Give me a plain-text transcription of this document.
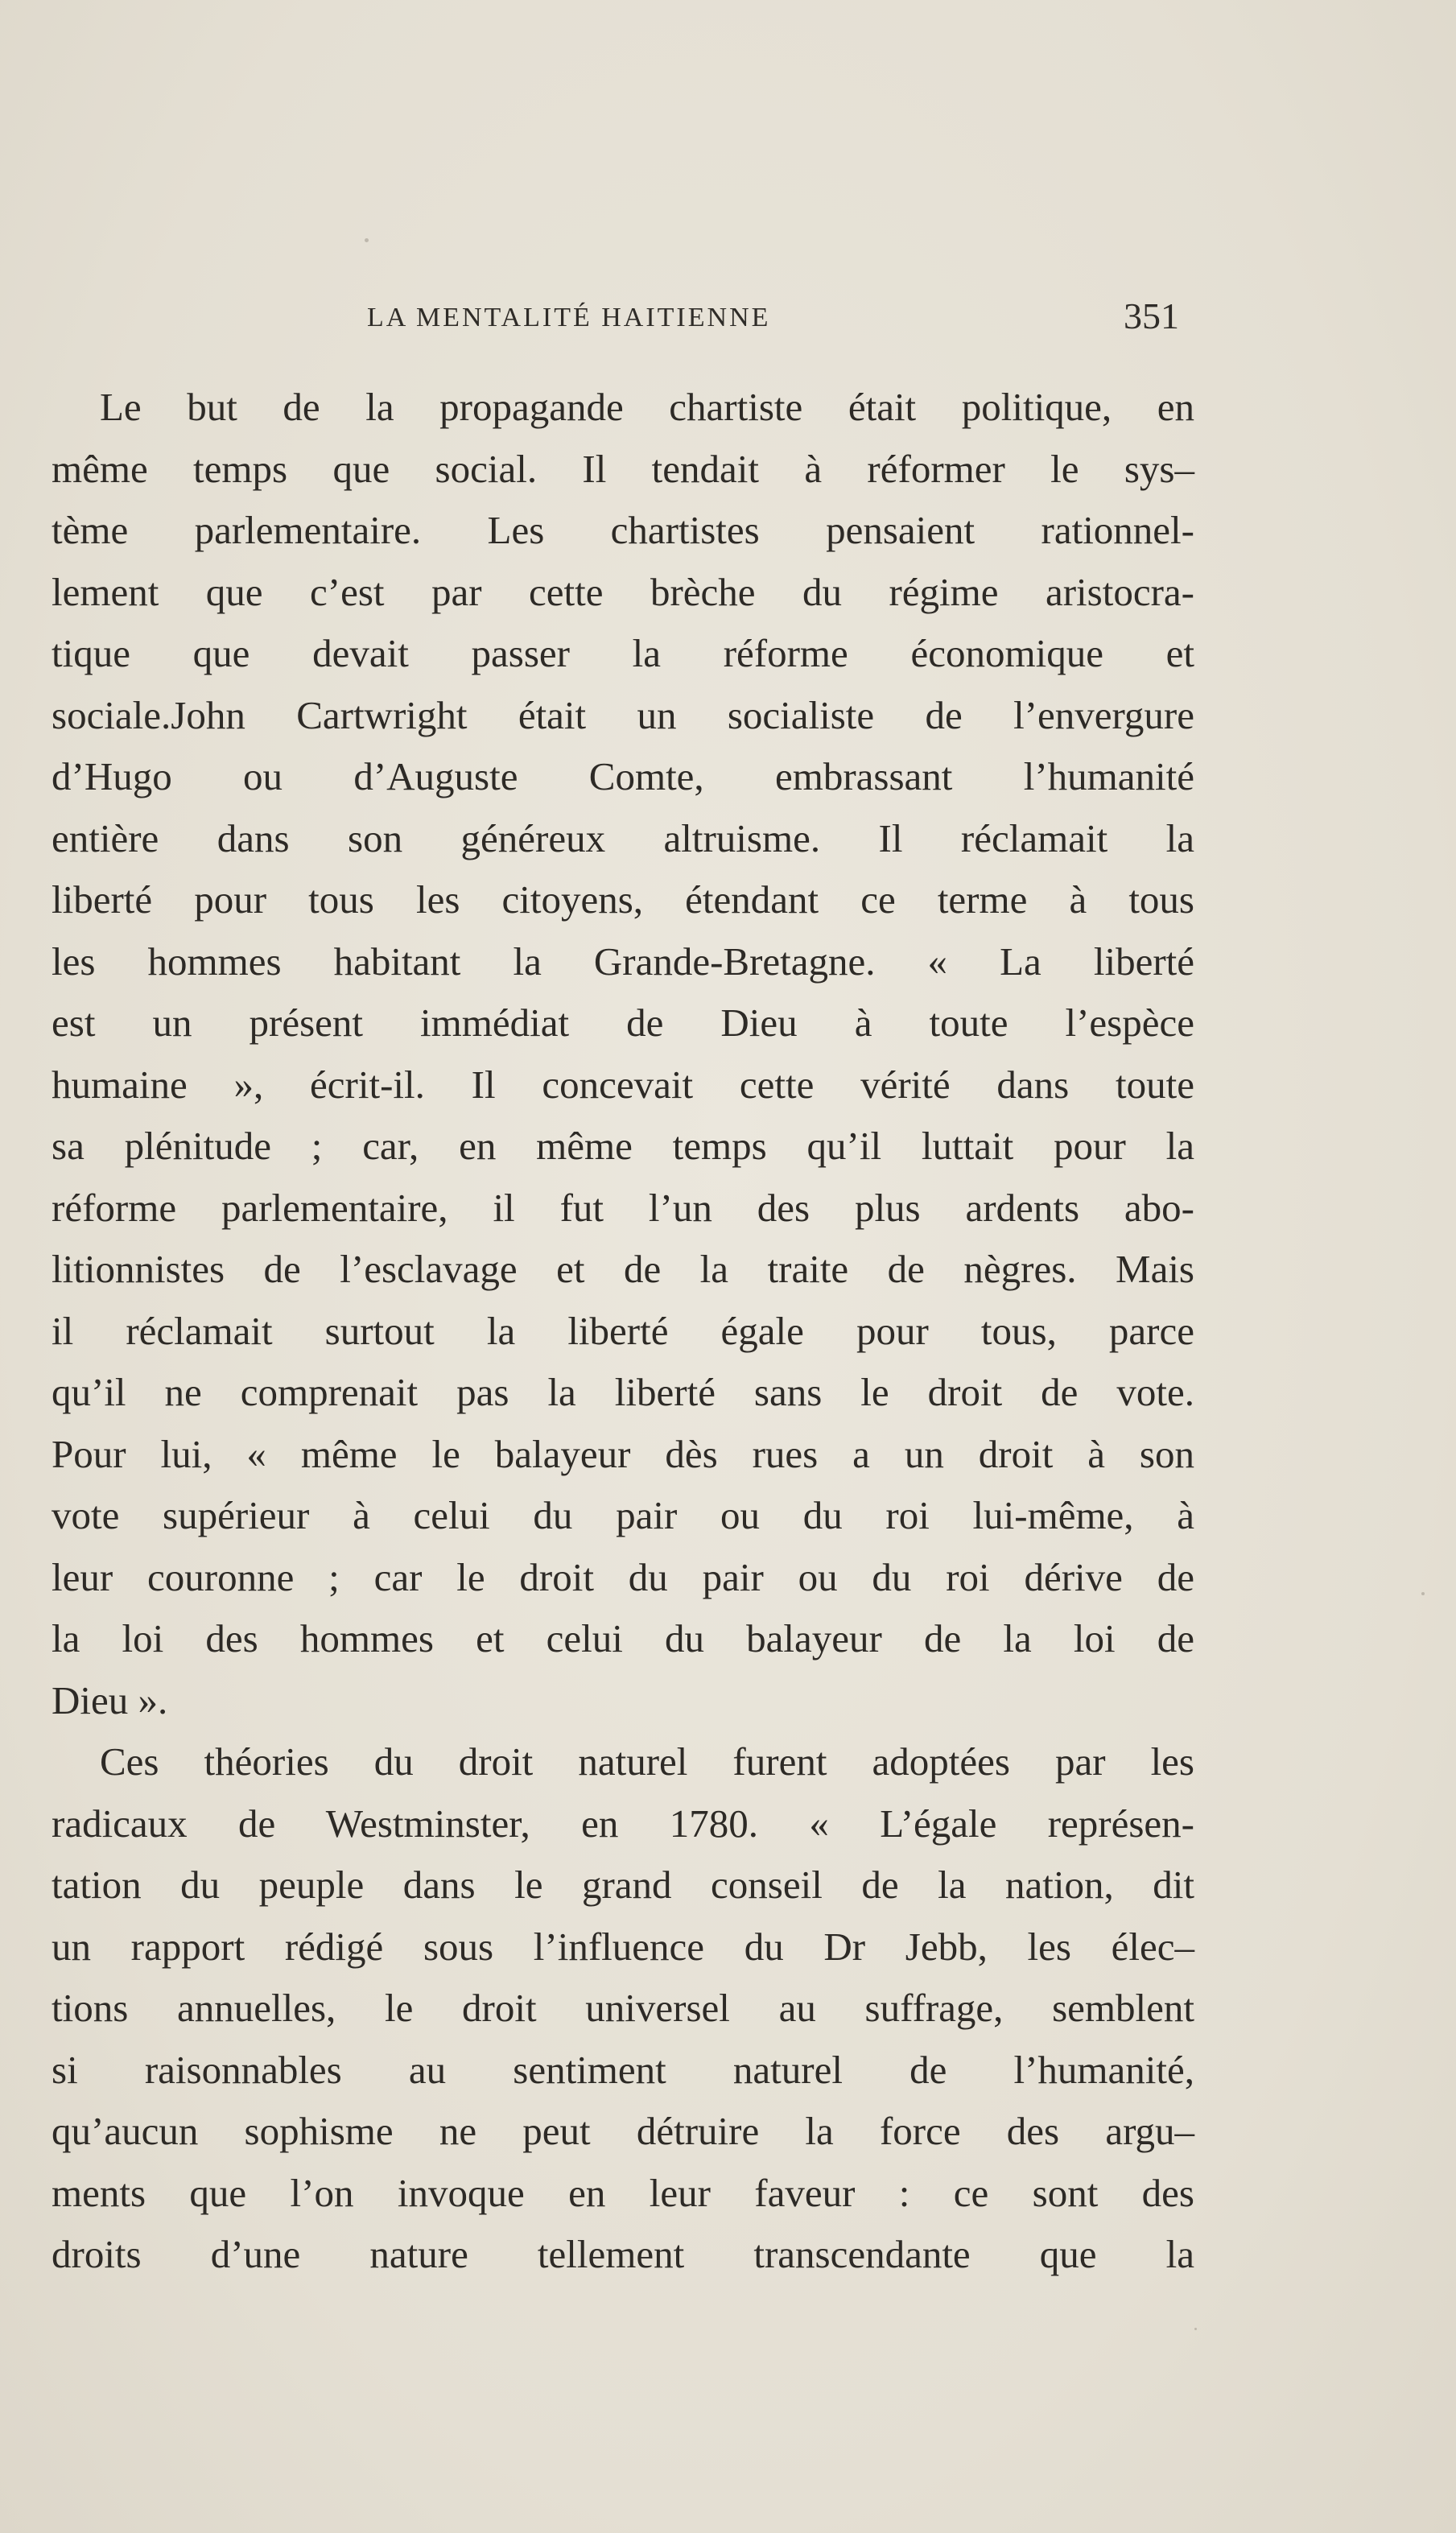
LA MENTALITÉ HAITIENNE	351
Le but de la propagande chartiste était politique, en
même temps que social. Il tendait à réformer le sys–
tème parlementaire. Les chartistes pensaient rationnel-
lement que c’est par cette brèche du régime aristocra-
tique que devait passer la réforme économique et
sociale.John Cartwright était un socialiste de l’envergure
d’Hugo ou d’Auguste Comte, embrassant l’humanité
entière dans son généreux altruisme. Il réclamait la
liberté pour tous les citoyens, étendant ce terme à tous
les hommes habitant la Grande-Bretagne. « La liberté
est un présent immédiat de Dieu à toute l’espèce
humaine », écrit-il. Il concevait cette vérité dans toute
sa plénitude ; car, en même temps qu’il luttait pour la
réforme parlementaire, il fut l’un des plus ardents abo-
litionnistes de l’esclavage et de la traite de nègres. Mais
il réclamait surtout la liberté égale pour tous, parce
qu’il ne comprenait pas la liberté sans le droit de vote.
Pour lui, « même le balayeur dès rues a un droit à son
vote supérieur à celui du pair ou du roi lui-même, à
leur couronne ; car le droit du pair ou du roi dérive de
la loi des hommes et celui du balayeur de la loi de
Dieu ».
Ces théories du droit naturel furent adoptées par les
radicaux de Westminster, en 1780. « L’égale représen-
tation du peuple dans le grand conseil de la nation, dit
un rapport rédigé sous l’influence du Dr Jebb, les élec–
tions annuelles, le droit universel au suffrage, semblent
si raisonnables au sentiment naturel de l’humanité,
qu’aucun sophisme ne peut détruire la force des argu–
ments que l’on invoque en leur faveur : ce sont des
droits d’une nature tellement transcendante que la
